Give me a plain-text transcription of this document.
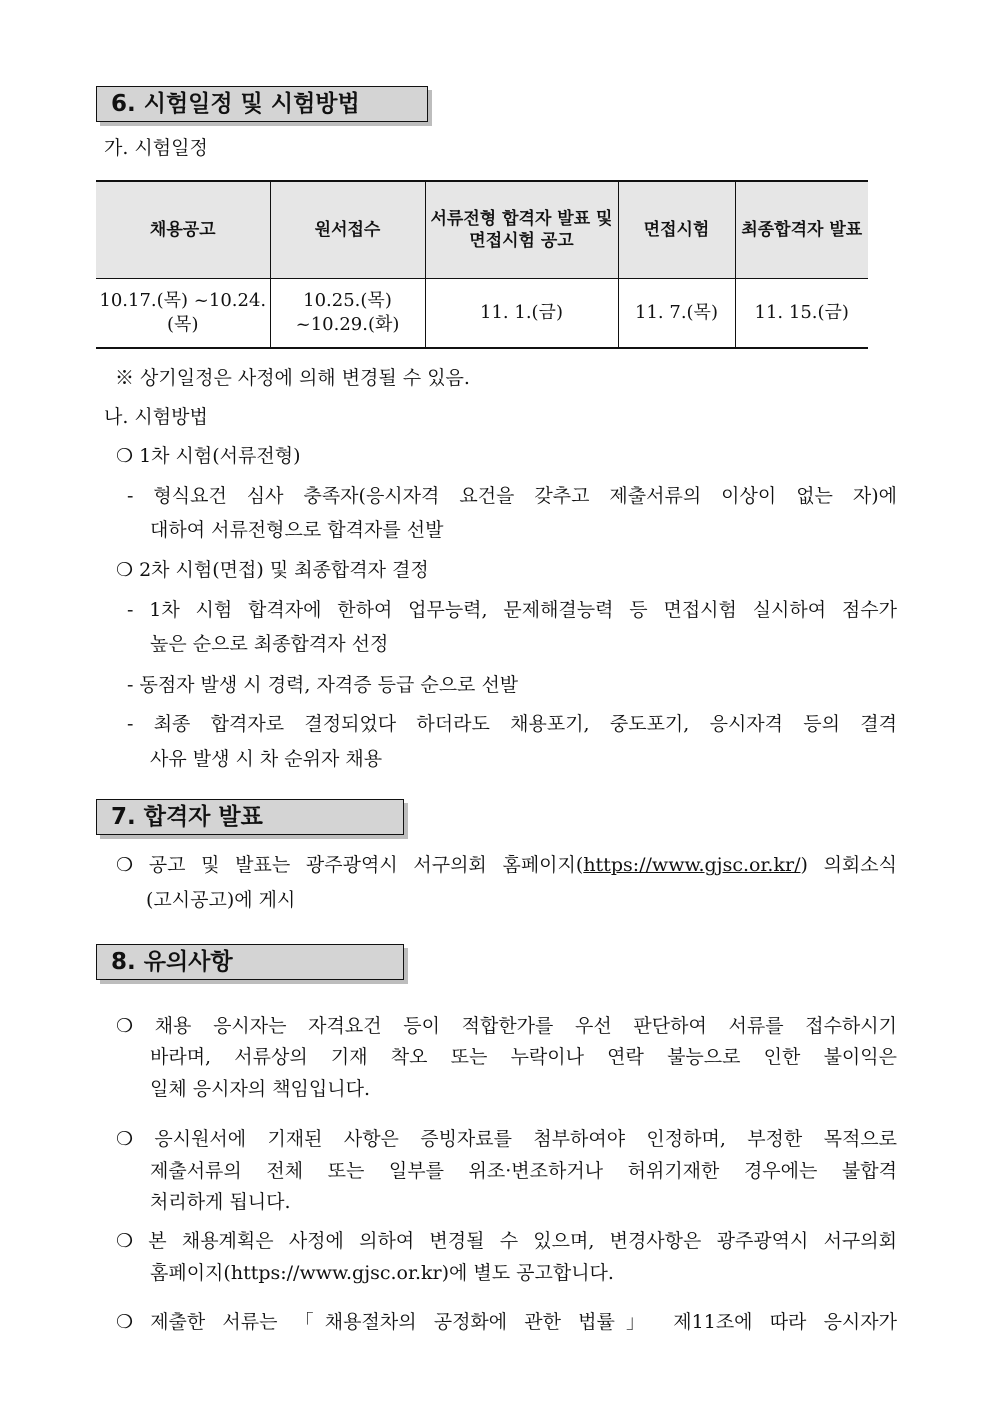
6. 시험일정 및 시험방법
가. 시험일정
채용공고	원서접수	서류전형 합격자 발표 및 면접시험 공고	면접시험	최종합격자 발표
10.17.(목) ~10.24.(목)	10.25.(목) ~10.29.(화)	11. 1.(금)	11. 7.(목)	11. 15.(금)
※ 상기일정은 사정에 의해 변경될 수 있음.
나. 시험방법
❍ 1차 시험(서류전형)
- 형식요건 심사 충족자(응시자격 요건을 갖추고 제출서류의 이상이 없는 자)에
대하여 서류전형으로 합격자를 선발
❍ 2차 시험(면접) 및 최종합격자 결정
- 1차 시험 합격자에 한하여 업무능력, 문제해결능력 등 면접시험 실시하여 점수가
높은 순으로 최종합격자 선정
- 동점자 발생 시 경력, 자격증 등급 순으로 선발
- 최종 합격자로 결정되었다 하더라도 채용포기, 중도포기, 응시자격 등의 결격
사유 발생 시 차 순위자 채용
7. 합격자 발표
❍ 공고 및 발표는 광주광역시 서구의회 홈페이지(https://www.gjsc.or.kr/) 의회소식
(고시공고)에 게시
8. 유의사항
❍ 채용 응시자는 자격요건 등이 적합한가를 우선 판단하여 서류를 접수하시기
바라며, 서류상의 기재 착오 또는 누락이나 연락 불능으로 인한 불이익은
일체 응시자의 책임입니다.
❍ 응시원서에 기재된 사항은 증빙자료를 첨부하여야 인정하며, 부정한 목적으로
제출서류의 전체 또는 일부를 위조·변조하거나 허위기재한 경우에는 불합격
처리하게 됩니다.
❍ 본 채용계획은 사정에 의하여 변경될 수 있으며, 변경사항은 광주광역시 서구의회
홈페이지(https://www.gjsc.or.kr)에 별도 공고합니다.
❍ 제출한 서류는 「채용절차의 공정화에 관한 법률」 제11조에 따라 응시자가
